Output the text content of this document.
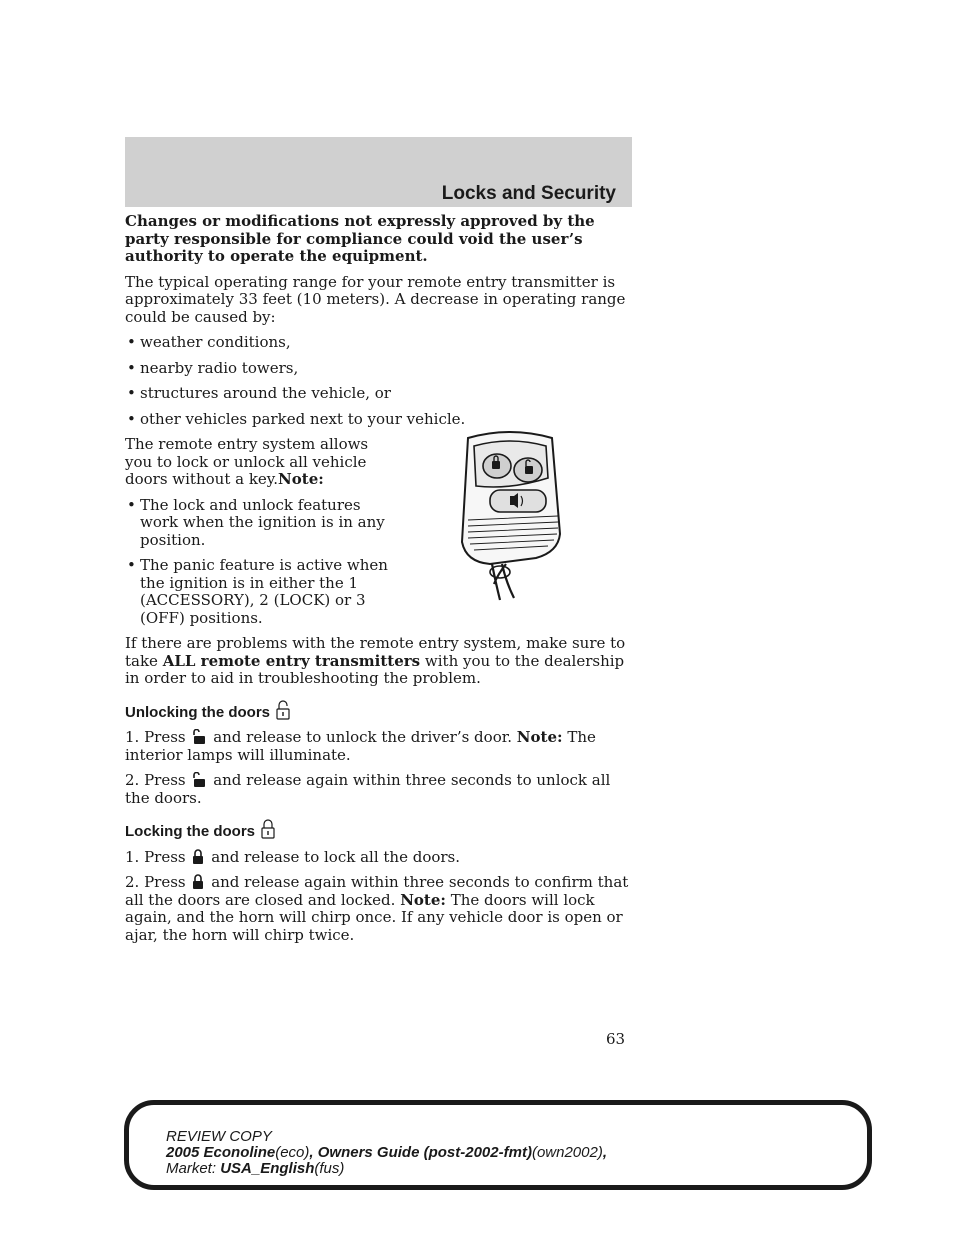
Locks and Security

Changes or modifications not expressly approved by the party responsible for compliance could void the user’s authority to operate the equipment.

The typical operating range for your remote entry transmitter is approximately 33 feet (10 meters). A decrease in operating range could be caused by:

• weather conditions,
• nearby radio towers,
• structures around the vehicle, or
• other vehicles parked next to your vehicle.

The remote entry system allows you to lock or unlock all vehicle doors without a key.Note:

• The lock and unlock features work when the ignition is in any position.
• The panic feature is active when the ignition is in either the 1 (ACCESSORY), 2 (LOCK) or 3 (OFF) positions.

If there are problems with the remote entry system, make sure to take ALL remote entry transmitters with you to the dealership in order to aid in troubleshooting the problem.

Unlocking the doors

1. Press and release to unlock the driver’s door. Note: The interior lamps will illuminate.

2. Press and release again within three seconds to unlock all the doors.

Locking the doors

1. Press and release to lock all the doors.

2. Press and release again within three seconds to confirm that all the doors are closed and locked. Note: The doors will lock again, and the horn will chirp once. If any vehicle door is open or ajar, the horn will chirp twice.

63
REVIEW COPY
2005 Econoline(eco), Owners Guide (post-2002-fmt)(own2002),
Market: USA_English(fus)
